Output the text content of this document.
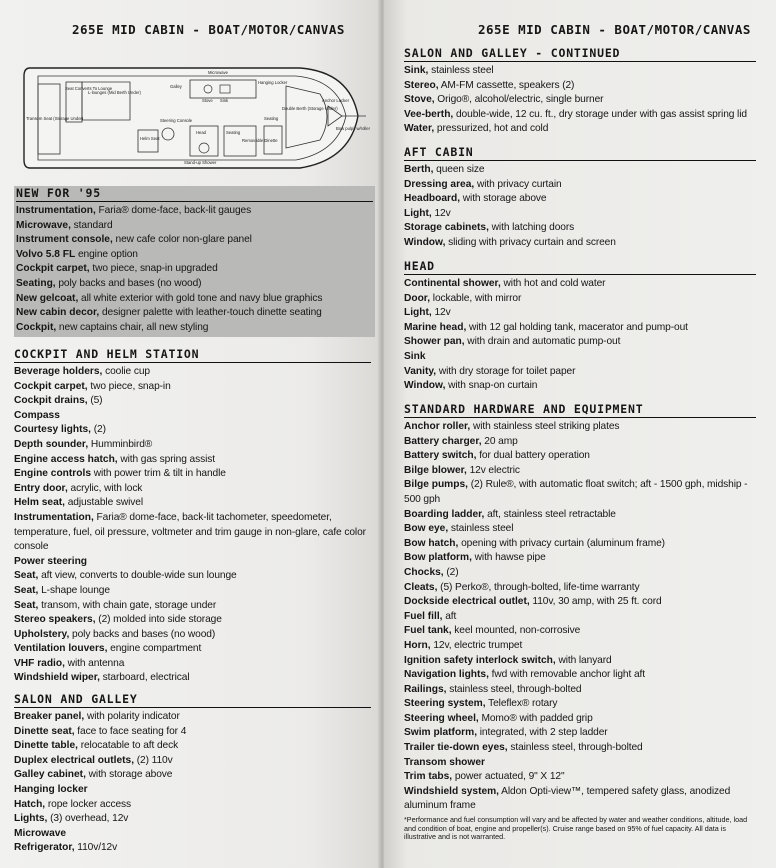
265E MID CABIN - BOAT/MOTOR/CANVAS
Seat Converts To Lounge
L-lounges (Mid Berth Under)
Transom Seat (Storage Under)
Microwave
Stove Sink
Hanging Locker
Double Berth (Storage Under)
Anchor Locker
Bow pulpit w/roller
Steering Console
Helm Seat
Head
Stand-up Shower
Seating
Removable Dinette
Galley
Seating
NEW FOR '95
Instrumentation, Faria® dome-face, back-lit gauges
Microwave, standard
Instrument console, new cafe color non-glare panel
Volvo 5.8 FL engine option
Cockpit carpet, two piece, snap-in upgraded
Seating, poly backs and bases (no wood)
New gelcoat, all white exterior with gold tone and navy blue graphics
New cabin decor, designer palette with leather-touch dinette seating
Cockpit, new captains chair, all new styling
COCKPIT AND HELM STATION
Beverage holders, coolie cup
Cockpit carpet, two piece, snap-in
Cockpit drains, (5)
Compass
Courtesy lights, (2)
Depth sounder, Humminbird®
Engine access hatch, with gas spring assist
Engine controls with power trim & tilt in handle
Entry door, acrylic, with lock
Helm seat, adjustable swivel
Instrumentation, Faria® dome-face, back-lit tachometer, speedometer, temperature, fuel, oil pressure, voltmeter and trim gauge in non-glare, cafe color console
Power steering
Seat, aft view, converts to double-wide sun lounge
Seat, L-shape lounge
Seat, transom, with chain gate, storage under
Stereo speakers, (2) molded into side storage
Upholstery, poly backs and bases (no wood)
Ventilation louvers, engine compartment
VHF radio, with antenna
Windshield wiper, starboard, electrical
SALON AND GALLEY
Breaker panel, with polarity indicator
Dinette seat, face to face seating for 4
Dinette table, relocatable to aft deck
Duplex electrical outlets, (2) 110v
Galley cabinet, with storage above
Hanging locker
Hatch, rope locker access
Lights, (3) overhead, 12v
Microwave
Refrigerator, 110v/12v
265E MID CABIN - BOAT/MOTOR/CANVAS
SALON AND GALLEY - CONTINUED
Sink, stainless steel
Stereo, AM-FM cassette, speakers (2)
Stove, Origo®, alcohol/electric, single burner
Vee-berth, double-wide, 12 cu. ft., dry storage under with gas assist spring lid
Water, pressurized, hot and cold
AFT CABIN
Berth, queen size
Dressing area, with privacy curtain
Headboard, with storage above
Light, 12v
Storage cabinets, with latching doors
Window, sliding with privacy curtain and screen
HEAD
Continental shower, with hot and cold water
Door, lockable, with mirror
Light, 12v
Marine head, with 12 gal holding tank, macerator and pump-out
Shower pan, with drain and automatic pump-out
Sink
Vanity, with dry storage for toilet paper
Window, with snap-on curtain
STANDARD HARDWARE AND EQUIPMENT
Anchor roller, with stainless steel striking plates
Battery charger, 20 amp
Battery switch, for dual battery operation
Bilge blower, 12v electric
Bilge pumps, (2) Rule®, with automatic float switch; aft - 1500 gph, midship - 500 gph
Boarding ladder, aft, stainless steel retractable
Bow eye, stainless steel
Bow hatch, opening with privacy curtain (aluminum frame)
Bow platform, with hawse pipe
Chocks, (2)
Cleats, (5) Perko®, through-bolted, life-time warranty
Dockside electrical outlet, 110v, 30 amp, with 25 ft. cord
Fuel fill, aft
Fuel tank, keel mounted, non-corrosive
Horn, 12v, electric trumpet
Ignition safety interlock switch, with lanyard
Navigation lights, fwd with removable anchor light aft
Railings, stainless steel, through-bolted
Steering system, Teleflex® rotary
Steering wheel, Momo® with padded grip
Swim platform, integrated, with 2 step ladder
Trailer tie-down eyes, stainless steel, through-bolted
Transom shower
Trim tabs, power actuated, 9" X 12"
Windshield system, Aldon Opti-view™, tempered safety glass, anodized aluminum frame
*Performance and fuel consumption will vary and be affected by water and weather conditions, altitude, load and condition of boat, engine and propeller(s). Cruise range based on 95% of fuel capacity. All data is illustrative and is not warranted.
